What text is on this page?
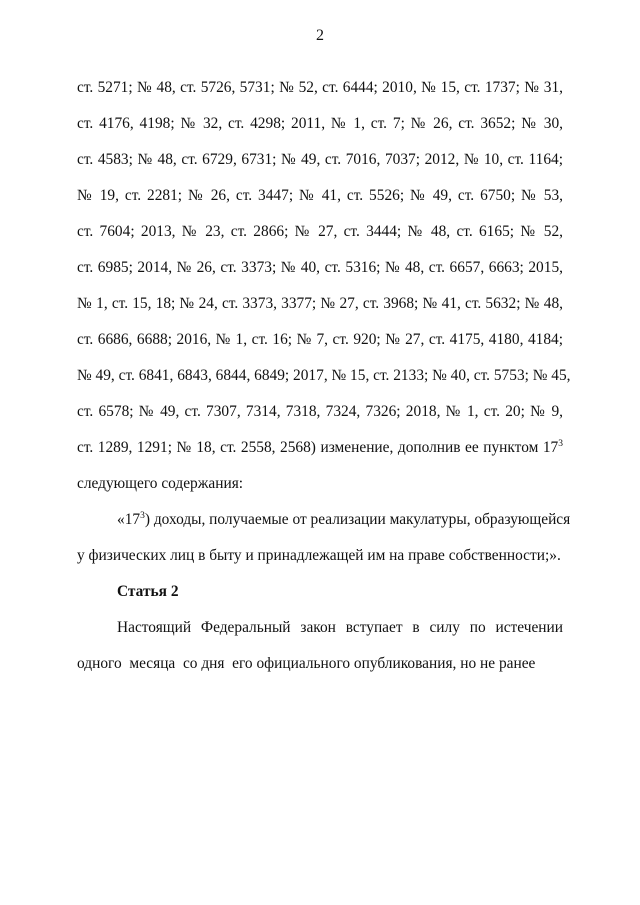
2
ст. 5271; № 48, ст. 5726, 5731; № 52, ст. 6444; 2010, № 15, ст. 1737; № 31,
ст. 4176, 4198; № 32, ст. 4298; 2011, № 1, ст. 7; № 26, ст. 3652; № 30,
ст. 4583; № 48, ст. 6729, 6731; № 49, ст. 7016, 7037; 2012, № 10, ст. 1164;
№ 19, ст. 2281; № 26, ст. 3447; № 41, ст. 5526; № 49, ст. 6750; № 53,
ст. 7604; 2013, № 23, ст. 2866; № 27, ст. 3444; № 48, ст. 6165; № 52,
ст. 6985; 2014, № 26, ст. 3373; № 40, ст. 5316; № 48, ст. 6657, 6663; 2015,
№ 1, ст. 15, 18; № 24, ст. 3373, 3377; № 27, ст. 3968; № 41, ст. 5632; № 48,
ст. 6686, 6688; 2016, № 1, ст. 16; № 7, ст. 920; № 27, ст. 4175, 4180, 4184;
№ 49, ст. 6841, 6843, 6844, 6849; 2017, № 15, ст. 2133; № 40, ст. 5753; № 45,
ст. 6578; № 49, ст. 7307, 7314, 7318, 7324, 7326; 2018, № 1, ст. 20; № 9,
ст. 1289, 1291; № 18, ст. 2558, 2568) изменение, дополнив ее пунктом $17^3$
следующего содержания:
«$17^3$) доходы, получаемые от реализации макулатуры, образующейся
у физических лиц в быту и принадлежащей им на праве собственности;».
Статья 2
Настоящий Федеральный закон вступает в силу по истечении
одного  месяца  со дня  его официального опубликования, но не ранее
